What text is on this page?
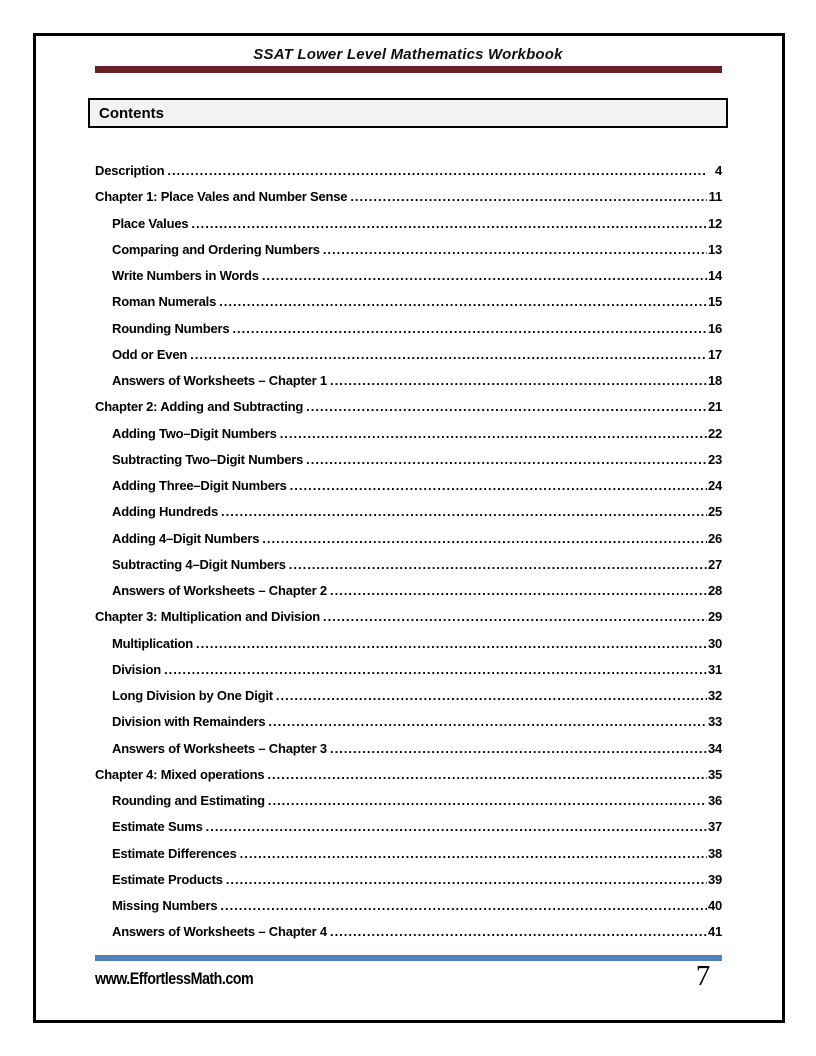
SSAT Lower Level Mathematics Workbook
Contents
Description .....	4
Chapter 1: Place Vales and Number Sense .....	11
Place Values .....	12
Comparing and Ordering Numbers .....	13
Write Numbers in Words .....	14
Roman Numerals .....	15
Rounding Numbers .....	16
Odd or Even .....	17
Answers of Worksheets – Chapter 1 .....	18
Chapter 2: Adding and Subtracting .....	21
Adding Two–Digit Numbers .....	22
Subtracting Two–Digit Numbers .....	23
Adding Three–Digit Numbers .....	24
Adding Hundreds .....	25
Adding 4–Digit Numbers .....	26
Subtracting 4–Digit Numbers .....	27
Answers of Worksheets – Chapter 2 .....	28
Chapter 3: Multiplication and Division .....	29
Multiplication .....	30
Division .....	31
Long Division by One Digit .....	32
Division with Remainders .....	33
Answers of Worksheets – Chapter 3 .....	34
Chapter 4: Mixed operations .....	35
Rounding and Estimating .....	36
Estimate Sums .....	37
Estimate Differences .....	38
Estimate Products .....	39
Missing Numbers .....	40
Answers of Worksheets – Chapter 4 .....	41
www.EffortlessMath.com	7
